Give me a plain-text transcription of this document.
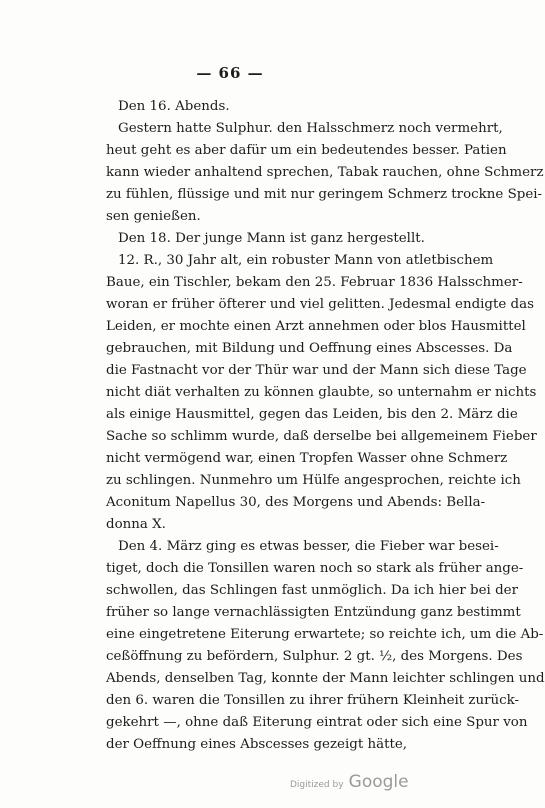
— 66 —
Den 16. Abends.
Gestern hatte Sulphur. den Halsschmerz noch vermehrt,
heut geht es aber dafür um ein bedeutendes besser. Patien
kann wieder anhaltend sprechen, Tabak rauchen, ohne Schmerz
zu fühlen, flüssige und mit nur geringem Schmerz trockne Spei-
sen genießen.
Den 18. Der junge Mann ist ganz hergestellt.
12. R., 30 Jahr alt, ein robuster Mann von atletbischem
Baue, ein Tischler, bekam den 25. Februar 1836 Halsschmer-
woran er früher öfterer und viel gelitten. Jedesmal endigte das
Leiden, er mochte einen Arzt annehmen oder blos Hausmittel
gebrauchen, mit Bildung und Oeffnung eines Abscesses. Da
die Fastnacht vor der Thür war und der Mann sich diese Tage
nicht diät verhalten zu können glaubte, so unternahm er nichts
als einige Hausmittel, gegen das Leiden, bis den 2. März die
Sache so schlimm wurde, daß derselbe bei allgemeinem Fieber
nicht vermögend war, einen Tropfen Wasser ohne Schmerz
zu schlingen. Nunmehro um Hülfe angesprochen, reichte ich
Aconitum Napellus 30, des Morgens und Abends: Bella-
donna X.
Den 4. März ging es etwas besser, die Fieber war besei-
tiget, doch die Tonsillen waren noch so stark als früher ange-
schwollen, das Schlingen fast unmöglich. Da ich hier bei der
früher so lange vernachlässigten Entzündung ganz bestimmt
eine eingetretene Eiterung erwartete; so reichte ich, um die Ab-
ceßöffnung zu befördern, Sulphur. 2 gt. ½, des Morgens. Des
Abends, denselben Tag, konnte der Mann leichter schlingen und
den 6. waren die Tonsillen zu ihrer frühern Kleinheit zurück-
gekehrt —, ohne daß Eiterung eintrat oder sich eine Spur von
der Oeffnung eines Abscesses gezeigt hätte,
Digitized by Google
